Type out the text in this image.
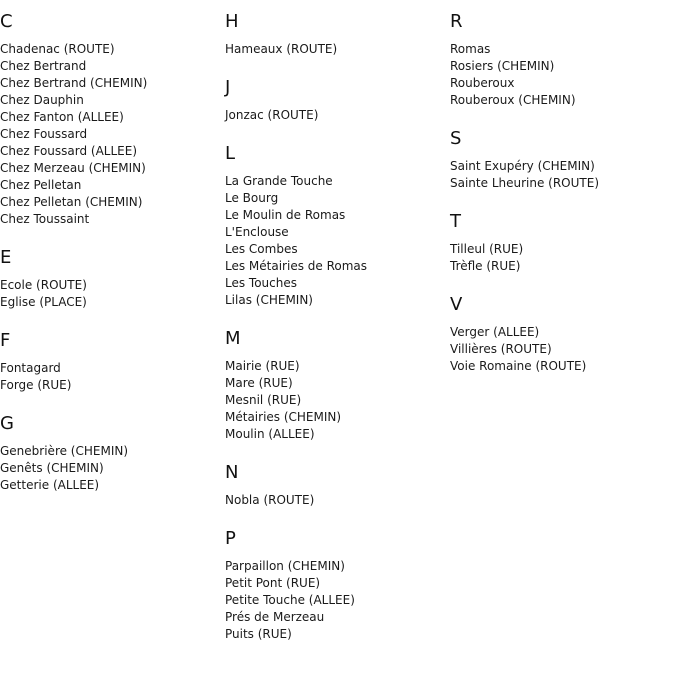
C
Chadenac (ROUTE)
Chez Bertrand
Chez Bertrand (CHEMIN)
Chez Dauphin
Chez Fanton (ALLEE)
Chez Foussard
Chez Foussard (ALLEE)
Chez Merzeau (CHEMIN)
Chez Pelletan
Chez Pelletan (CHEMIN)
Chez Toussaint
E
Ecole (ROUTE)
Eglise (PLACE)
F
Fontagard
Forge (RUE)
G
Genebrière (CHEMIN)
Genêts (CHEMIN)
Getterie (ALLEE)
H
Hameaux (ROUTE)
J
Jonzac (ROUTE)
L
La Grande Touche
Le Bourg
Le Moulin de Romas
L'Enclouse
Les Combes
Les Métairies de Romas
Les Touches
Lilas (CHEMIN)
M
Mairie (RUE)
Mare (RUE)
Mesnil (RUE)
Métairies (CHEMIN)
Moulin (ALLEE)
N
Nobla (ROUTE)
P
Parpaillon (CHEMIN)
Petit Pont (RUE)
Petite Touche (ALLEE)
Prés de Merzeau
Puits (RUE)
R
Romas
Rosiers (CHEMIN)
Rouberoux
Rouberoux (CHEMIN)
S
Saint Exupéry (CHEMIN)
Sainte Lheurine (ROUTE)
T
Tilleul (RUE)
Trèfle (RUE)
V
Verger (ALLEE)
Villières (ROUTE)
Voie Romaine (ROUTE)
